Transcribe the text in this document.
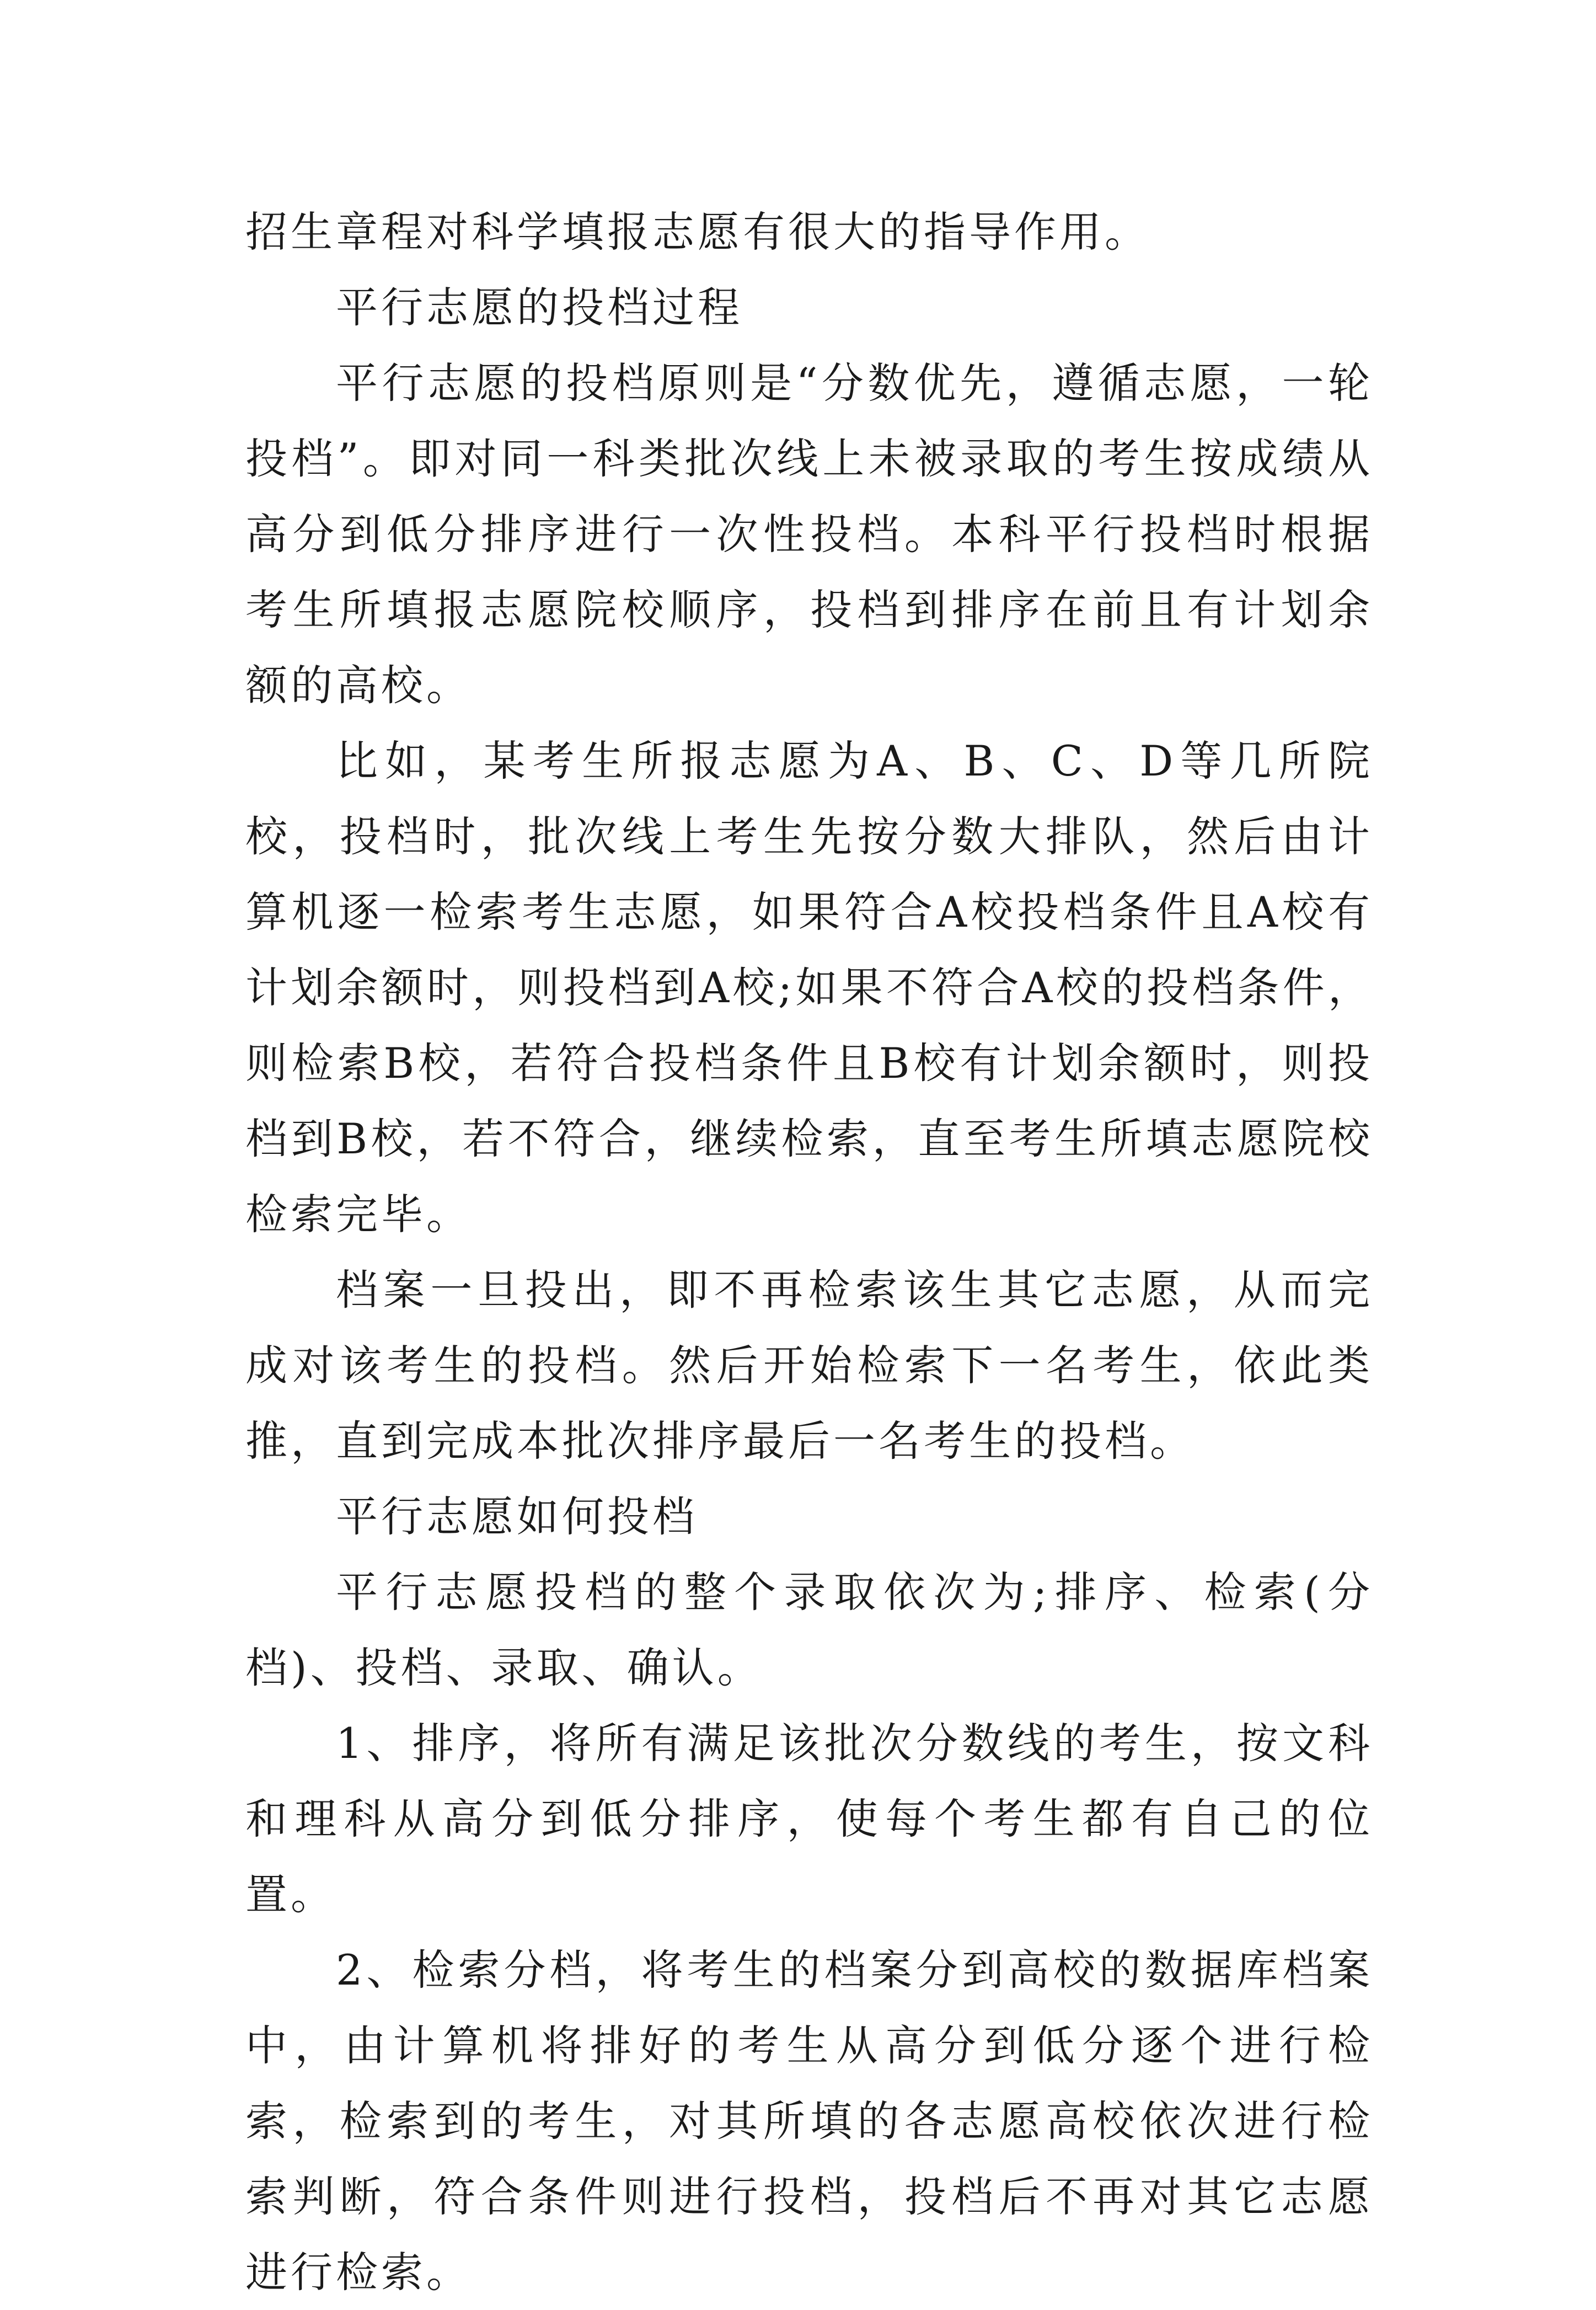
招生章程对科学填报志愿有很大的指导作用。

平行志愿的投档过程

平行志愿的投档原则是“分数优先，遵循志愿，一轮投档”。即对同一科类批次线上未被录取的考生按成绩从高分到低分排序进行一次性投档。本科平行投档时根据考生所填报志愿院校顺序，投档到排序在前且有计划余额的高校。

比如，某考生所报志愿为A、B、C、D等几所院校，投档时，批次线上考生先按分数大排队，然后由计算机逐一检索考生志愿，如果符合A校投档条件且A校有计划余额时，则投档到A校;如果不符合A校的投档条件，则检索B校，若符合投档条件且B校有计划余额时，则投档到B校，若不符合，继续检索，直至考生所填志愿院校检索完毕。

档案一旦投出，即不再检索该生其它志愿，从而完成对该考生的投档。然后开始检索下一名考生，依此类推，直到完成本批次排序最后一名考生的投档。

平行志愿如何投档

平行志愿投档的整个录取依次为;排序、检索(分档)、投档、录取、确认。

1、排序，将所有满足该批次分数线的考生，按文科和理科从高分到低分排序，使每个考生都有自己的位置。

2、检索分档，将考生的档案分到高校的数据库档案中，由计算机将排好的考生从高分到低分逐个进行检索，检索到的考生，对其所填的各志愿高校依次进行检索判断，符合条件则进行投档，投档后不再对其它志愿进行检索。
